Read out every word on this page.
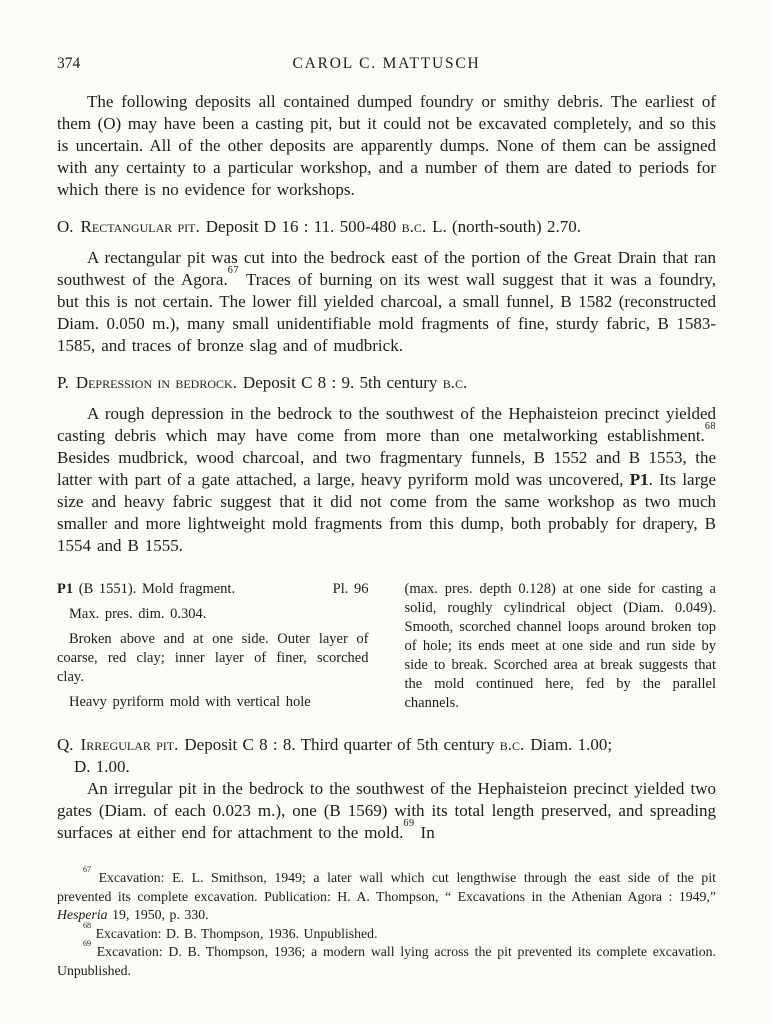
374	CAROL C. MATTUSCH

The following deposits all contained dumped foundry or smithy debris. The earliest of them (O) may have been a casting pit, but it could not be excavated completely, and so this is uncertain. All of the other deposits are apparently dumps. None of them can be assigned with any certainty to a particular workshop, and a number of them are dated to periods for which there is no evidence for workshops.

O. Rectangular pit. Deposit D 16 : 11. 500-480 b.c. L. (north-south) 2.70.

A rectangular pit was cut into the bedrock east of the portion of the Great Drain that ran southwest of the Agora.$^{67}$ Traces of burning on its west wall suggest that it was a foundry, but this is not certain. The lower fill yielded charcoal, a small funnel, B 1582 (reconstructed Diam. 0.050 m.), many small unidentifiable mold fragments of fine, sturdy fabric, B 1583-1585, and traces of bronze slag and of mudbrick.

P. Depression in bedrock. Deposit C 8 : 9. 5th century b.c.

A rough depression in the bedrock to the southwest of the Hephaisteion precinct yielded casting debris which may have come from more than one metalworking establishment.$^{68}$ Besides mudbrick, wood charcoal, and two fragmentary funnels, B 1552 and B 1553, the latter with part of a gate attached, a large, heavy pyriform mold was uncovered, P1. Its large size and heavy fabric suggest that it did not come from the same workshop as two much smaller and more lightweight mold fragments from this dump, both probably for drapery, B 1554 and B 1555.

P1 (B 1551). Mold fragment.	Pl. 96

Max. pres. dim. 0.304.

Broken above and at one side. Outer layer of coarse, red clay; inner layer of finer, scorched clay.

Heavy pyriform mold with vertical hole

(max. pres. depth 0.128) at one side for casting a solid, roughly cylindrical object (Diam. 0.049). Smooth, scorched channel loops around broken top of hole; its ends meet at one side and run side by side to break. Scorched area at break suggests that the mold continued here, fed by the parallel channels.

Q. Irregular pit. Deposit C 8 : 8. Third quarter of 5th century b.c. Diam. 1.00;
D. 1.00.

An irregular pit in the bedrock to the southwest of the Hephaisteion precinct yielded two gates (Diam. of each 0.023 m.), one (B 1569) with its total length preserved, and spreading surfaces at either end for attachment to the mold.$^{69}$ In

$^{67}$ Excavation: E. L. Smithson, 1949; a later wall which cut lengthwise through the east side of the pit prevented its complete excavation. Publication: H. A. Thompson, “ Excavations in the Athenian Agora : 1949,” Hesperia 19, 1950, p. 330.

$^{68}$ Excavation: D. B. Thompson, 1936. Unpublished.

$^{69}$ Excavation: D. B. Thompson, 1936; a modern wall lying across the pit prevented its complete excavation. Unpublished.
